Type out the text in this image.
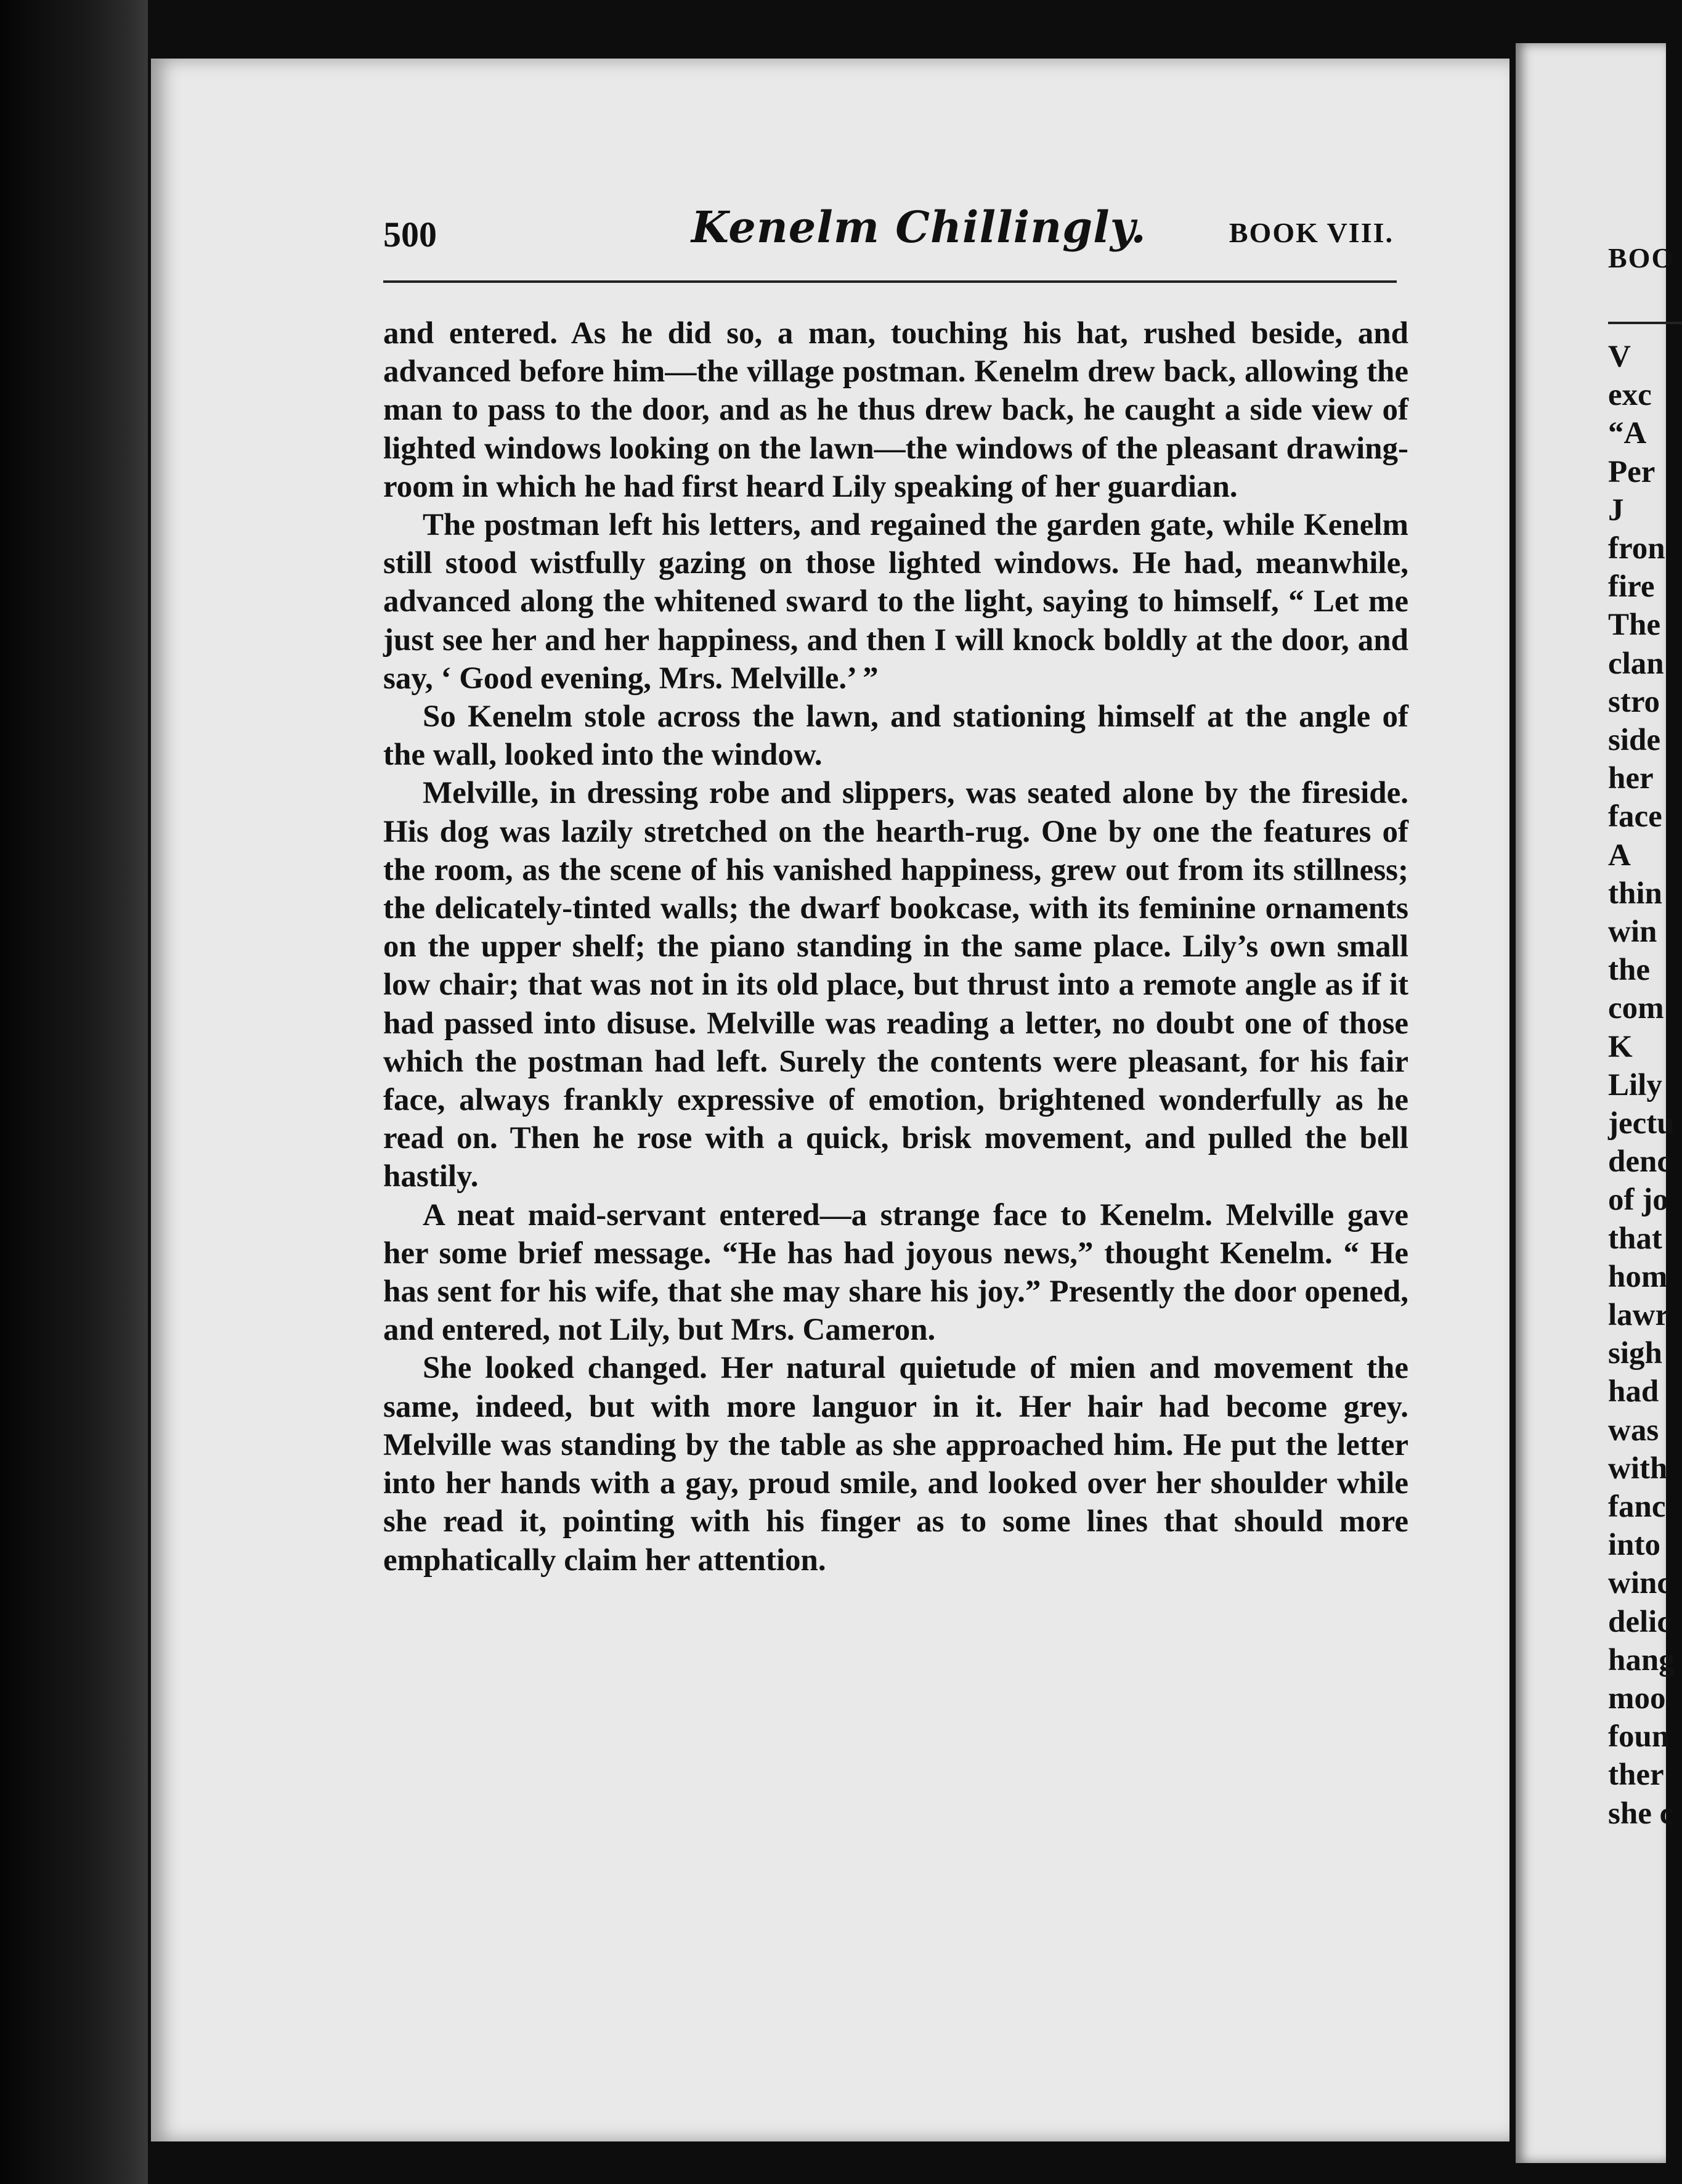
500	Kenelm Chillingly.	BOOK VIII.

and entered. As he did so, a man, touching his hat, rushed beside, and advanced before him—the village postman. Kenelm drew back, allowing the man to pass to the door, and as he thus drew back, he caught a side view of lighted windows looking on the lawn—the windows of the pleasant drawing-room in which he had first heard Lily speaking of her guardian.

The postman left his letters, and regained the garden gate, while Kenelm still stood wistfully gazing on those lighted windows. He had, meanwhile, advanced along the whitened sward to the light, saying to himself, “ Let me just see her and her happiness, and then I will knock boldly at the door, and say, ‘ Good evening, Mrs. Melville.’ ”

So Kenelm stole across the lawn, and stationing himself at the angle of the wall, looked into the window.

Melville, in dressing robe and slippers, was seated alone by the fireside. His dog was lazily stretched on the hearth-rug. One by one the features of the room, as the scene of his vanished happiness, grew out from its stillness; the delicately-tinted walls; the dwarf bookcase, with its feminine ornaments on the upper shelf; the piano standing in the same place. Lily’s own small low chair; that was not in its old place, but thrust into a remote angle as if it had passed into disuse. Melville was reading a letter, no doubt one of those which the postman had left. Surely the contents were pleasant, for his fair face, always frankly expressive of emotion, brightened wonderfully as he read on. Then he rose with a quick, brisk movement, and pulled the bell hastily.

A neat maid-servant entered—a strange face to Kenelm. Melville gave her some brief message. “He has had joyous news,” thought Kenelm. “ He has sent for his wife, that she may share his joy.” Presently the door opened, and entered, not Lily, but Mrs. Cameron.

She looked changed. Her natural quietude of mien and movement the same, indeed, but with more languor in it. Her hair had become grey. Melville was standing by the table as she approached him. He put the letter into her hands with a gay, proud smile, and looked over her shoulder while she read it, pointing with his finger as to some lines that should more emphatically claim her attention.

BOO
V
exc
“A
Per
J
fron
fire
The
clan
stro
side
her
face
A
thin
win
the
com
K
Lily
jectu
denc
of jo
that
hom
lawr
sigh
had
was
with
fanc
into
winc
delic
hang
moo
foun
ther
she c
